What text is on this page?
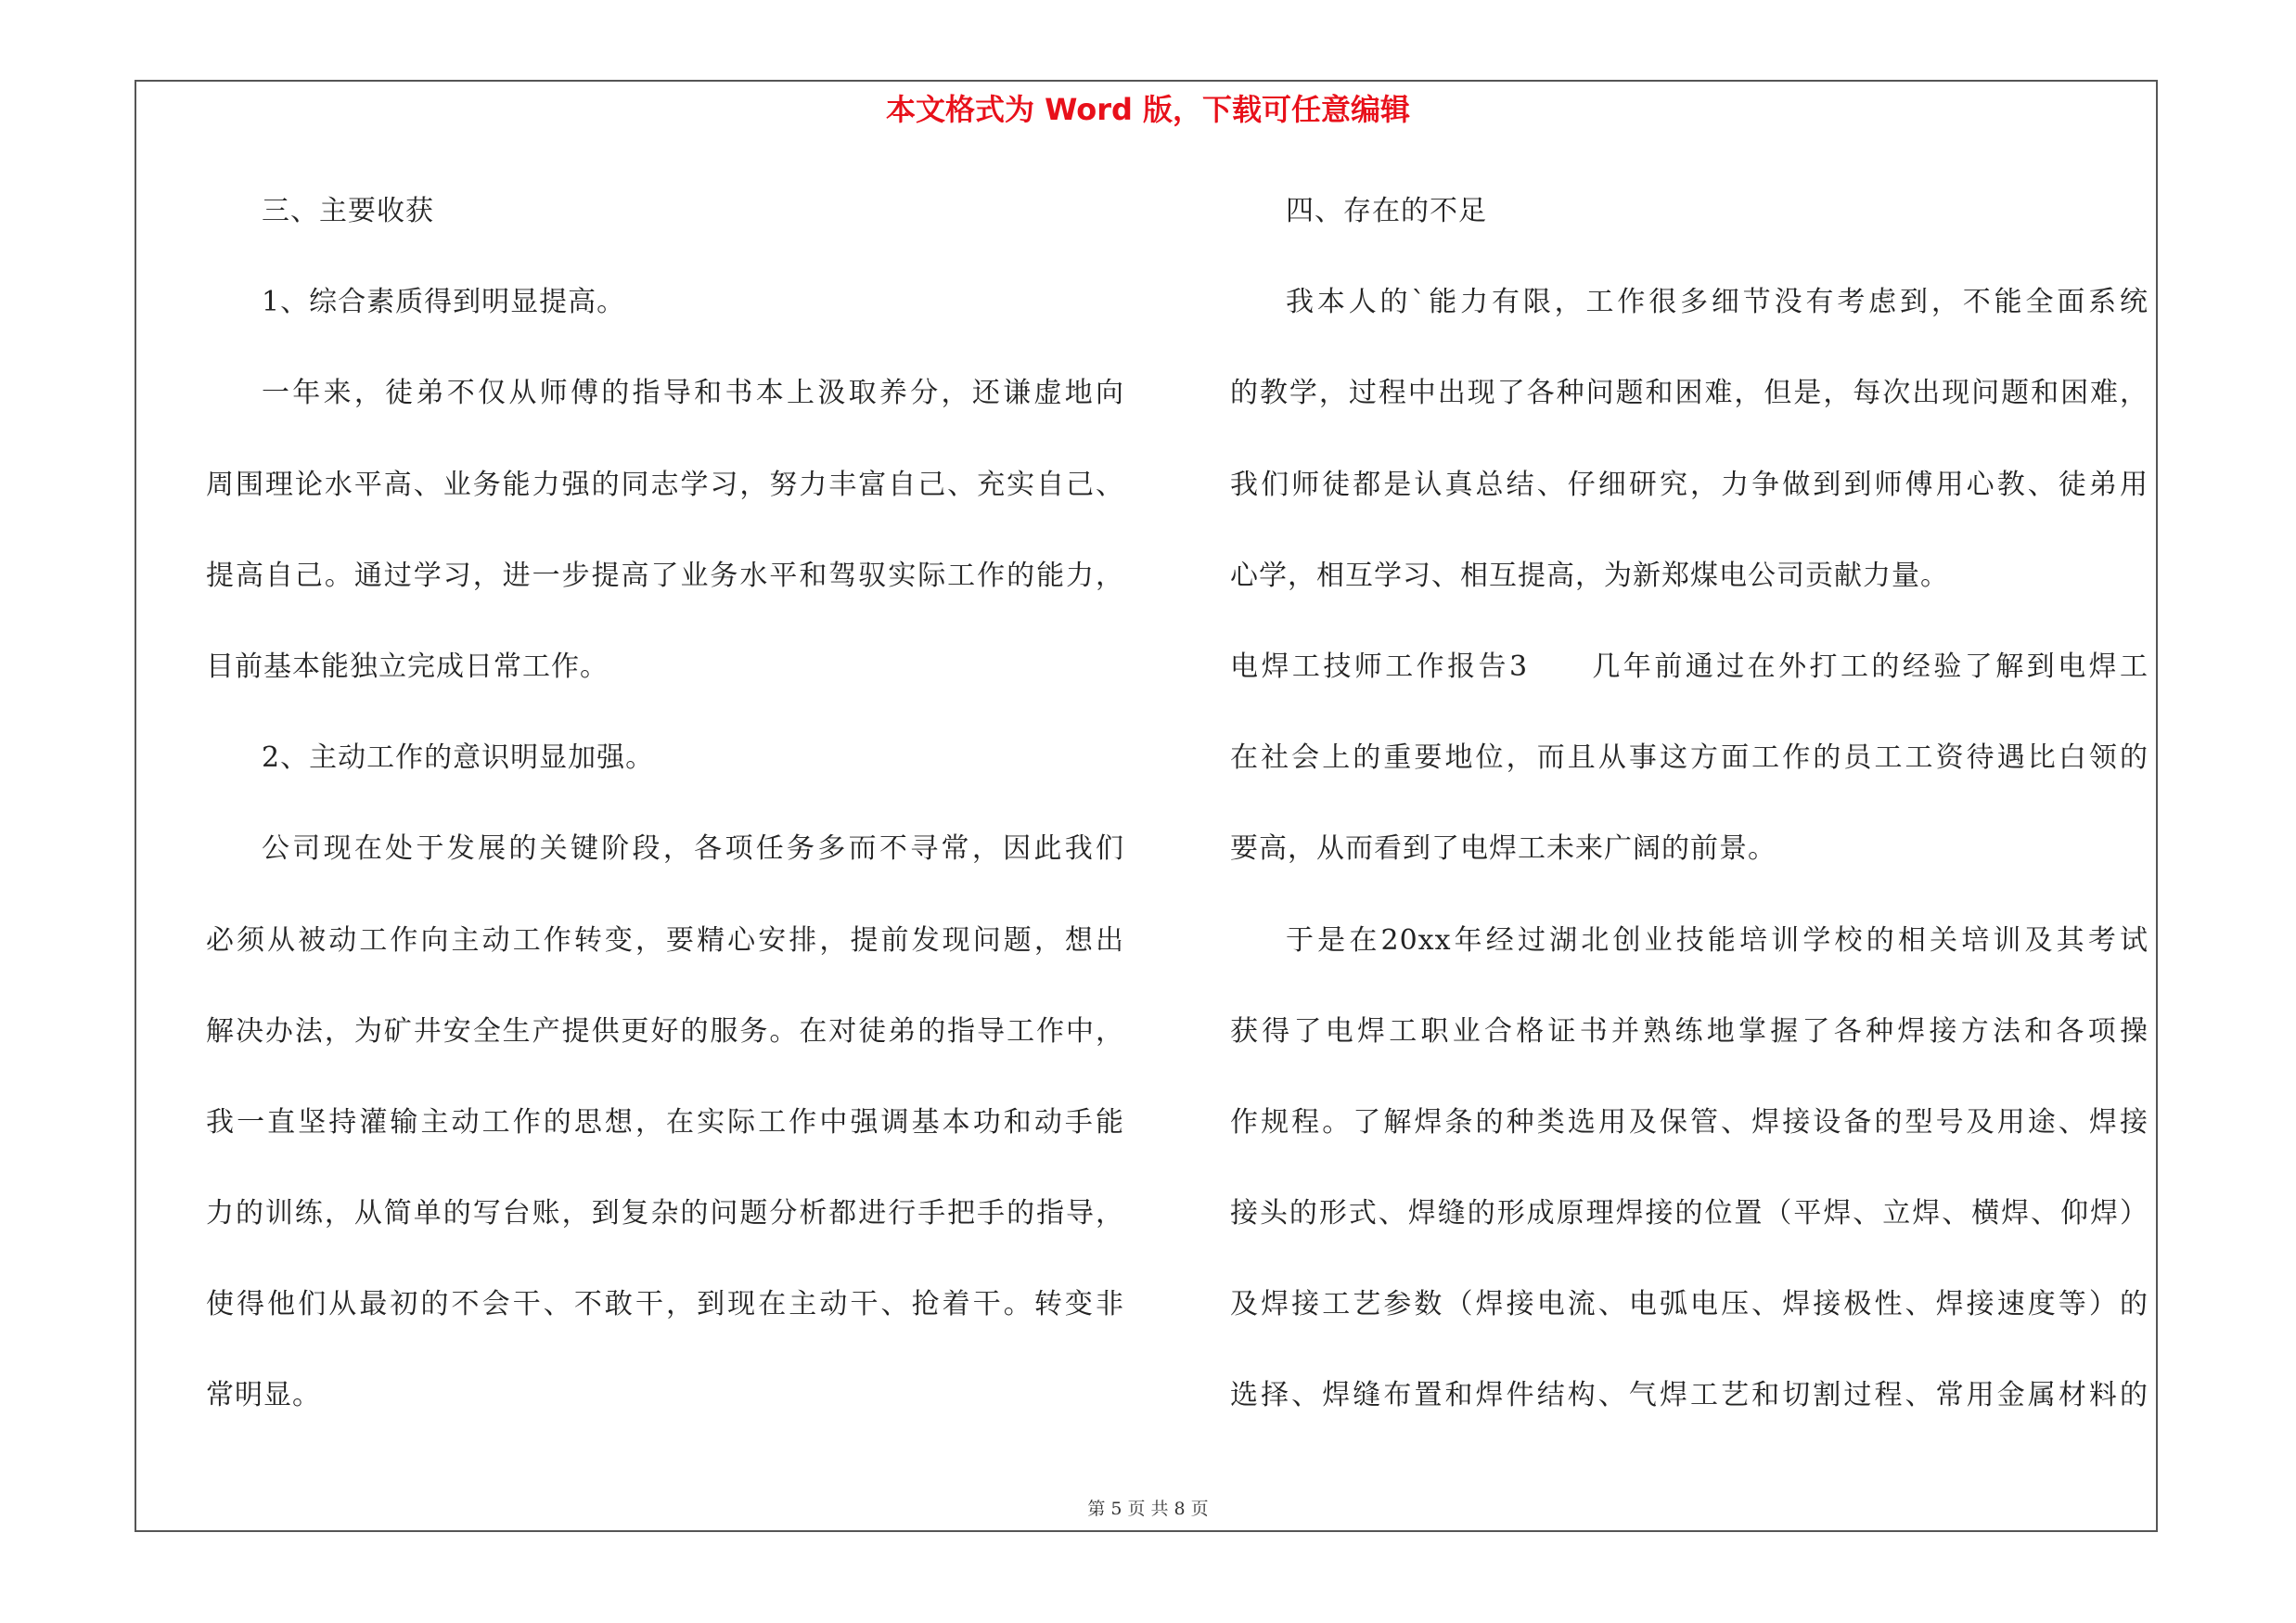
本文格式为 Word 版，下载可任意编辑
三、主要收获
1、综合素质得到明显提高。
一年来，徒弟不仅从师傅的指导和书本上汲取养分，还谦虚地向
周围理论水平高、业务能力强的同志学习，努力丰富自己、充实自己、
提高自己。通过学习，进一步提高了业务水平和驾驭实际工作的能力，
目前基本能独立完成日常工作。
2、主动工作的意识明显加强。
公司现在处于发展的关键阶段，各项任务多而不寻常，因此我们
必须从被动工作向主动工作转变，要精心安排，提前发现问题，想出
解决办法，为矿井安全生产提供更好的服务。在对徒弟的指导工作中，
我一直坚持灌输主动工作的思想，在实际工作中强调基本功和动手能
力的训练，从简单的写台账，到复杂的问题分析都进行手把手的指导，
使得他们从最初的不会干、不敢干，到现在主动干、抢着干。转变非
常明显。
四、存在的不足
我本人的`能力有限，工作很多细节没有考虑到，不能全面系统
的教学，过程中出现了各种问题和困难，但是，每次出现问题和困难，
我们师徒都是认真总结、仔细研究，力争做到到师傅用心教、徒弟用
心学，相互学习、相互提高，为新郑煤电公司贡献力量。
电焊工技师工作报告3　　几年前通过在外打工的经验了解到电焊工
在社会上的重要地位，而且从事这方面工作的员工工资待遇比白领的
要高，从而看到了电焊工未来广阔的前景。
于是在20xx年经过湖北创业技能培训学校的相关培训及其考试
获得了电焊工职业合格证书并熟练地掌握了各种焊接方法和各项操
作规程。了解焊条的种类选用及保管、焊接设备的型号及用途、焊接
接头的形式、焊缝的形成原理焊接的位置（平焊、立焊、横焊、仰焊）
及焊接工艺参数（焊接电流、电弧电压、焊接极性、焊接速度等）的
选择、焊缝布置和焊件结构、气焊工艺和切割过程、常用金属材料的
第 5 页 共 8 页
